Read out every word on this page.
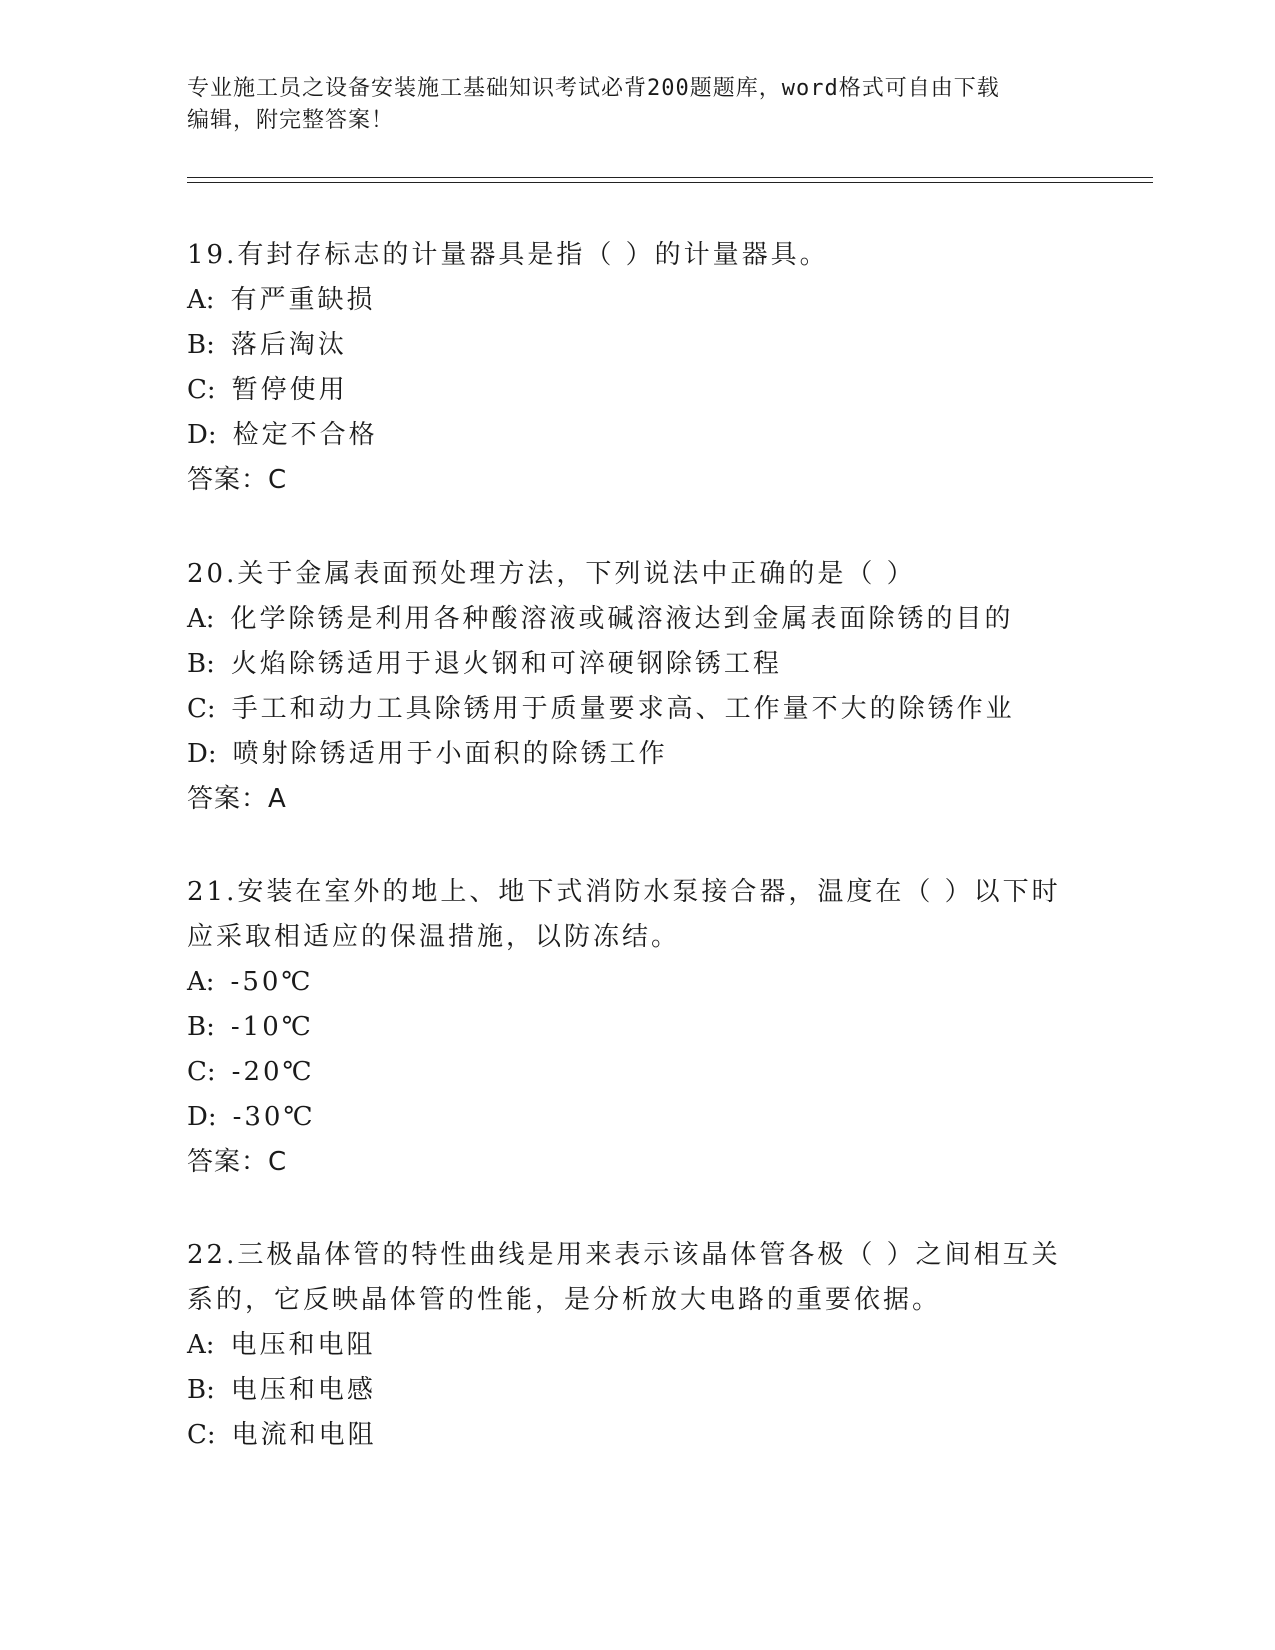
专业施工员之设备安装施工基础知识考试必背200题题库，word格式可自由下载
编辑，附完整答案！
19.有封存标志的计量器具是指（ ）的计量器具。
A: 有严重缺损
B: 落后淘汰
C: 暂停使用
D: 检定不合格
答案：C
20.关于金属表面预处理方法，下列说法中正确的是（ ）
A: 化学除锈是利用各种酸溶液或碱溶液达到金属表面除锈的目的
B: 火焰除锈适用于退火钢和可淬硬钢除锈工程
C: 手工和动力工具除锈用于质量要求高、工作量不大的除锈作业
D: 喷射除锈适用于小面积的除锈工作
答案：A
21.安装在室外的地上、地下式消防水泵接合器，温度在（ ）以下时
应采取相适应的保温措施，以防冻结。
A: -50℃
B: -10℃
C: -20℃
D: -30℃
答案：C
22.三极晶体管的特性曲线是用来表示该晶体管各极（ ）之间相互关
系的，它反映晶体管的性能，是分析放大电路的重要依据。
A: 电压和电阻
B: 电压和电感
C: 电流和电阻
